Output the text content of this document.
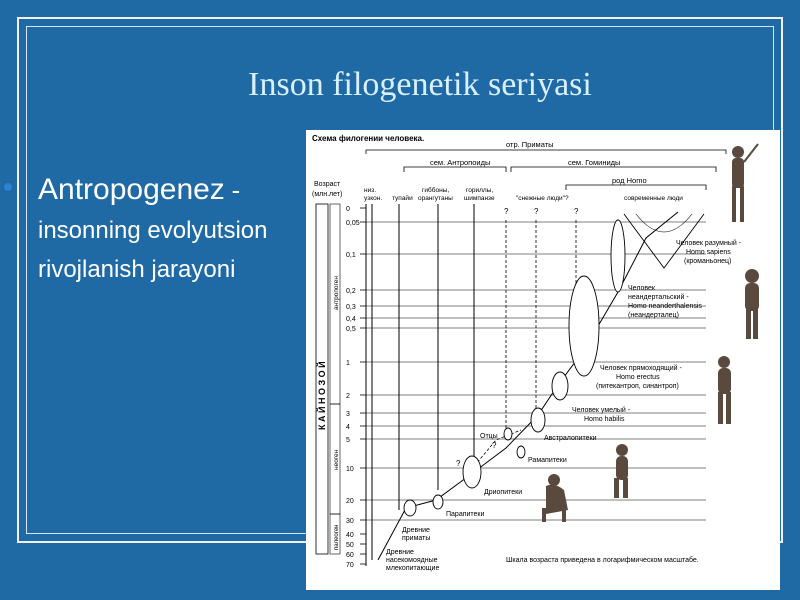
Inson filogenetik seriyasi
Antropogenez - insonning evolyutsion rivojlanish jarayoni
Схема филогении человека.
отр. Приматы
сем. Антропоиды	сем. Гоминиды
род Homo
Возраст
(млн.лет)
низ.
узкон. тупайи
гиббоны,
орангутаны
гориллы,
шимпанзе	"снежные люди"?	современные люди
К А Й Н О З О Й
антропоген
неоген
палеоген
0
0,05
0,1
0,2
0,3
0,4
0,5
1
2
3
4
5
10
20
30
40
50
60
70
?	?	?
?
?
Человек разумный -
Homo sapiens
(кроманьонец)
Человек
неандертальский -
Homo neanderthalensis
(неандерталец)
Человек прямоходящий -
Homo erectus
(питекантроп, синантроп)
Человек умелый -
Homo habilis
Отцы	Австралопитеки
Рамапитеки
Дриопитеки
Парапитеки
Древние
приматы
Древние
насекомоядные
млекопитающие
Шкала возраста приведена в логарифмическом масштабе.
